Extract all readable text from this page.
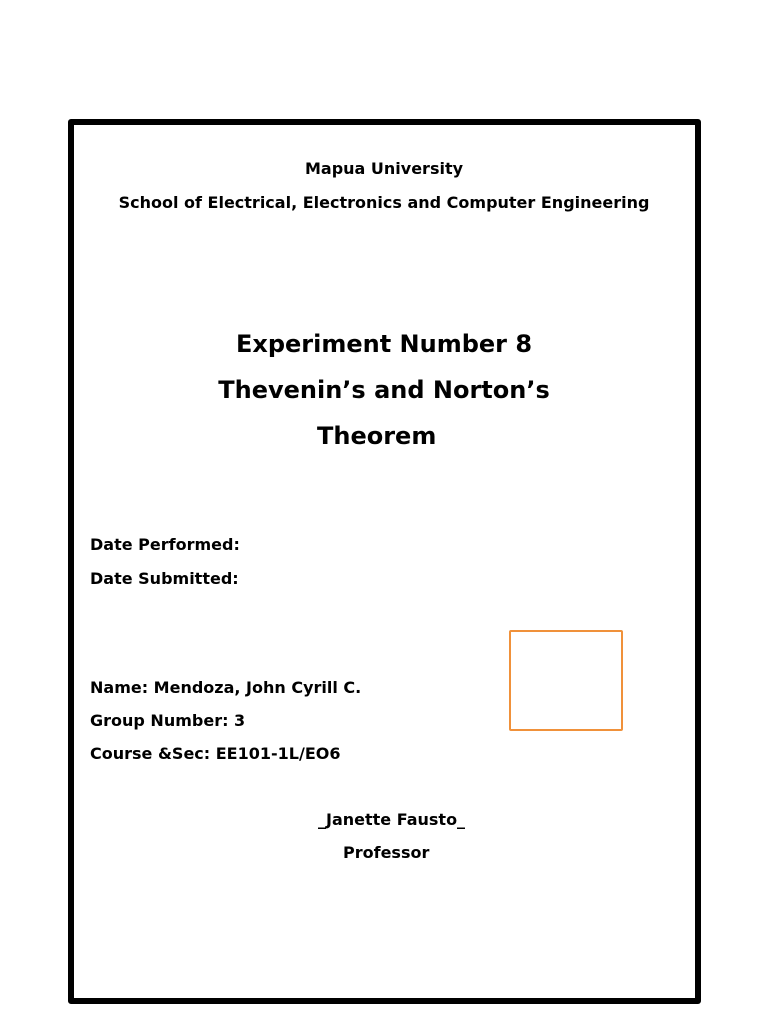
Mapua University
School of Electrical, Electronics and Computer Engineering
Experiment Number 8
Thevenin’s and Norton’s
Theorem
Date Performed:
Date Submitted:
Name: Mendoza, John Cyrill C.
Group Number: 3
Course &Sec: EE101-1L/EO6
_Janette Fausto_
Professor
